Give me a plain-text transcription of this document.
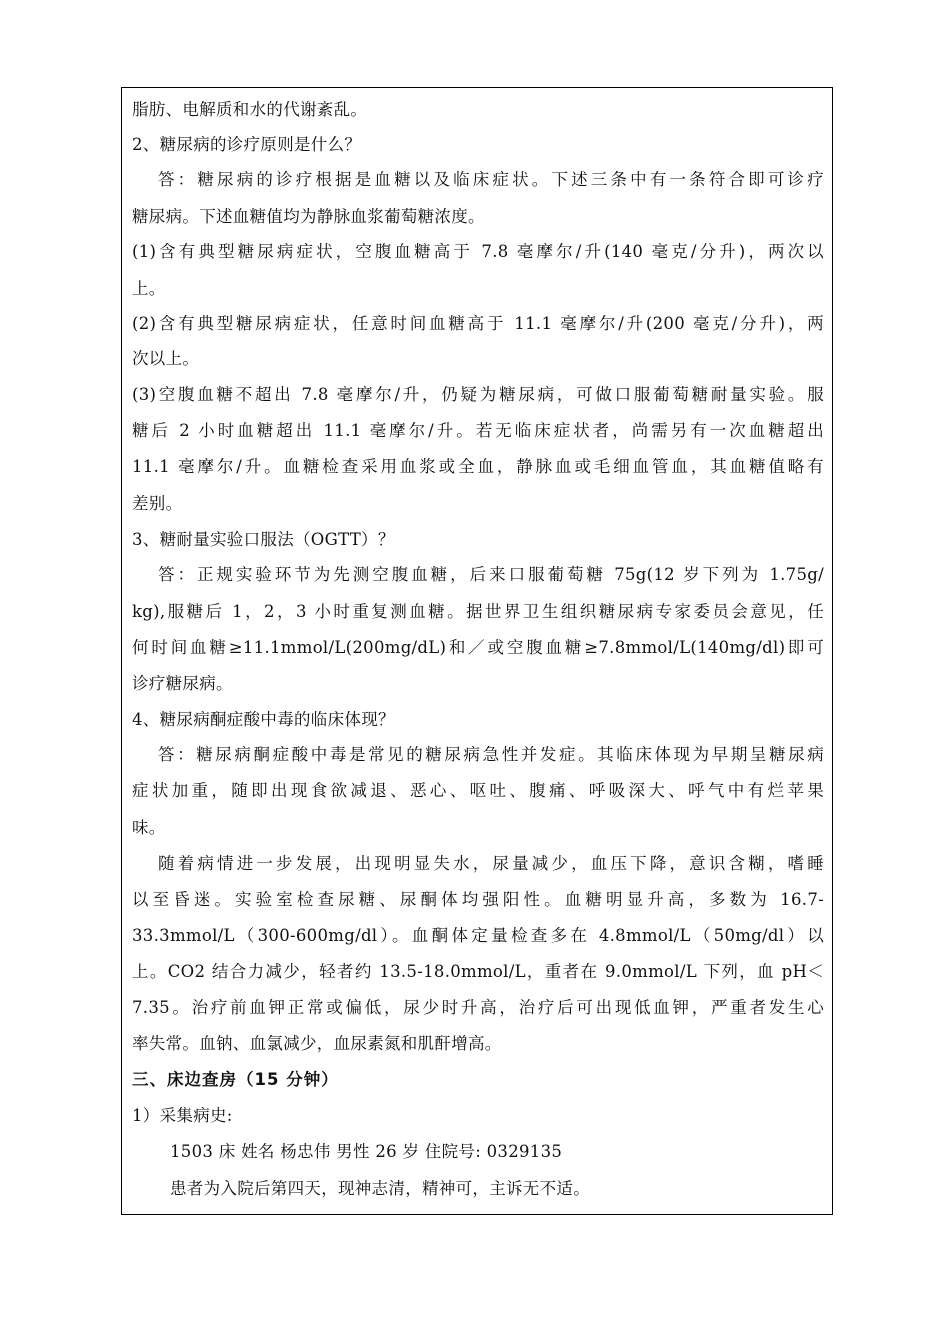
脂肪、电解质和水的代谢紊乱。
2、糖尿病的诊疗原则是什么？
答：糖尿病的诊疗根据是血糖以及临床症状。下述三条中有一条符合即可诊疗
糖尿病。下述血糖值均为静脉血浆葡萄糖浓度。
(1)含有典型糖尿病症状，空腹血糖高于 7.8 毫摩尔/升(140 毫克/分升)，两次以
上。
(2)含有典型糖尿病症状，任意时间血糖高于 11.1 毫摩尔/升(200 毫克/分升)，两
次以上。
(3)空腹血糖不超出 7.8 毫摩尔/升，仍疑为糖尿病，可做口服葡萄糖耐量实验。服
糖后 2 小时血糖超出 11.1 毫摩尔/升。若无临床症状者，尚需另有一次血糖超出
11.1 毫摩尔/升。血糖检查采用血浆或全血，静脉血或毛细血管血，其血糖值略有
差别。
3、糖耐量实验口服法（OGTT）？
答：正规实验环节为先测空腹血糖，后来口服葡萄糖 75g(12 岁下列为 1.75g/
kg),服糖后 1，2，3 小时重复测血糖。据世界卫生组织糖尿病专家委员会意见，任
何时间血糖≥11.1mmol/L(200mg/dL)和／或空腹血糖≥7.8mmol/L(140mg/dl)即可
诊疗糖尿病。
4、糖尿病酮症酸中毒的临床体现？
答：糖尿病酮症酸中毒是常见的糖尿病急性并发症。其临床体现为早期呈糖尿病
症状加重，随即出现食欲减退、恶心、呕吐、腹痛、呼吸深大、呼气中有烂苹果
味。
随着病情进一步发展，出现明显失水，尿量减少，血压下降，意识含糊，嗜睡
以至昏迷。实验室检查尿糖、尿酮体均强阳性。血糖明显升高，多数为 16.7-
33.3mmol/L（300-600mg/dl）。血酮体定量检查多在 4.8mmol/L（50mg/dl）以
上。CO2 结合力减少，轻者约 13.5-18.0mmol/L，重者在 9.0mmol/L 下列，血 pH＜
7.35。治疗前血钾正常或偏低，尿少时升高，治疗后可出现低血钾，严重者发生心
率失常。血钠、血氯减少，血尿素氮和肌酐增高。
三、床边查房（15 分钟）
1）采集病史:
1503 床 姓名 杨忠伟 男性 26 岁 住院号: 0329135
患者为入院后第四天，现神志清，精神可，主诉无不适。
